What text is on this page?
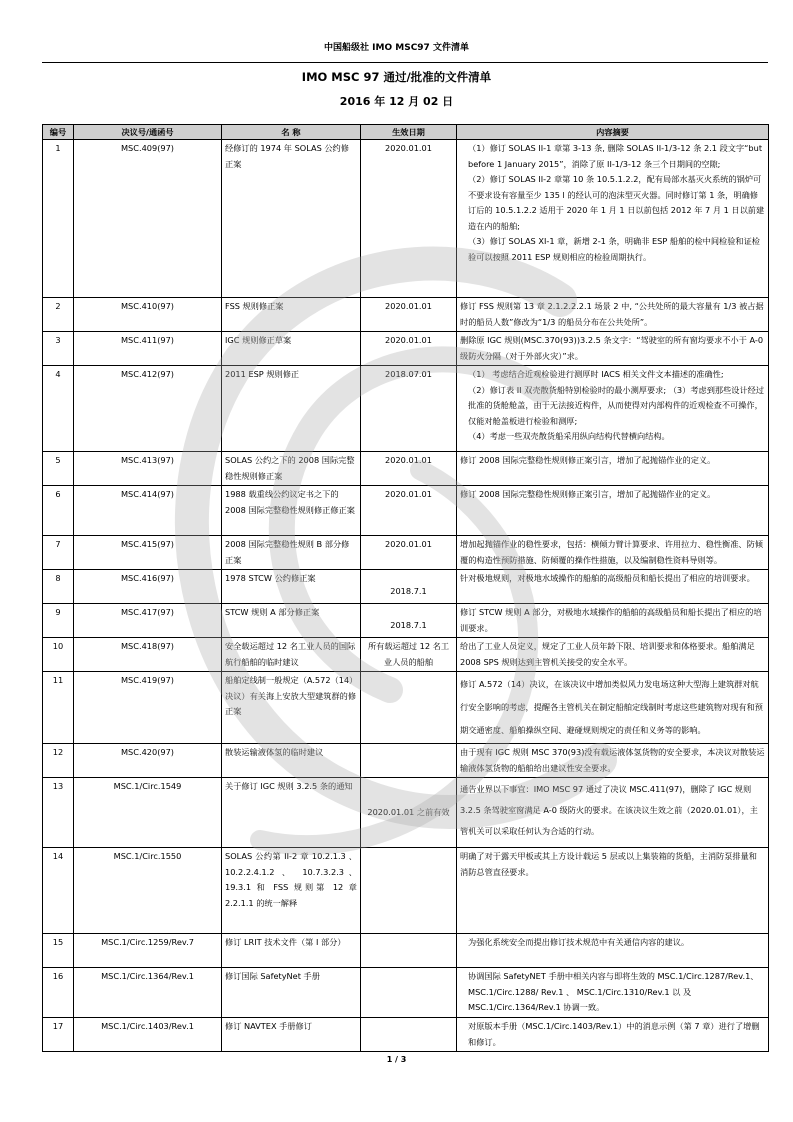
中国船级社 IMO MSC97 文件清单
IMO MSC 97 通过/批准的文件清单
2016 年 12 月 02 日
编号	决议号/通函号	名 称	生效日期	内容摘要
1	MSC.409(97)	经修订的 1974 年 SOLAS 公约修正案	2020.01.01	（1）修订 SOLAS II-1 章第 3-13 条, 删除 SOLAS II-1/3-12 条 2.1 段文字“but before 1 January 2015”，消除了原 II-1/3-12 条三个日期间的空隙;
（2）修订 SOLAS II-2 章第 10 条 10.5.1.2.2，配有局部水基灭火系统的锅炉可不要求设有容量至少 135 l 的经认可的泡沫型灭火器。同时修订第 1 条，明确修订后的 10.5.1.2.2 适用于 2020 年 1 月 1 日以前包括 2012 年 7 月 1 日以前建造在内的船舶;
（3）修订 SOLAS XI-1 章，新增 2-1 条，明确非 ESP 船舶的检中间检验和证检验可以按照 2011 ESP 规则相应的检验周期执行。

2	MSC.410(97)	FSS 规则修正案	2020.01.01	修订 FSS 规则第 13 章 2.1.2.2.2.1 场景 2 中, “公共处所的最大容量有 1/3 被占据时的船员人数”修改为“1/3 的船员分布在公共处所”。

3	MSC.411(97)	IGC 规则修正草案	2020.01.01	删除原 IGC 规则(MSC.370(93))3.2.5 条文字：“驾驶室的所有窗均要求不小于 A-0 级防火分隔（对于外部火灾）”求。

4	MSC.412(97)	2011 ESP 规则修正	2018.07.01	（1） 考虑结合近观检验进行测厚时 IACS 相关文件文本描述的准确性;
（2）修订表 II 双壳散货船特别检验时的最小测厚要求; （3）考虑到那些设计经过批准的货舱舱盖，由于无法接近构件，从而使得对内部构件的近观检查不可操作，仅能对舱盖板进行检验和测厚;
（4）考虑一些双壳散货船采用纵向结构代替横向结构。

5	MSC.413(97)	SOLAS 公约之下的 2008 国际完整稳性规则修正案	2020.01.01	修订 2008 国际完整稳性规则修正案引言，增加了起抛锚作业的定义。

6	MSC.414(97)	1988 载重线公约议定书之下的 2008 国际完整稳性规则修正修正案	2020.01.01	修订 2008 国际完整稳性规则修正案引言，增加了起抛锚作业的定义。

7	MSC.415(97)	2008 国际完整稳性规则 B 部分修正案	2020.01.01	增加起抛锚作业的稳性要求，包括：横倾力臂计算要求、许用拉力、稳性衡准、防倾覆的构造性预防措施、防倾覆的操作性措施，以及编制稳性资料导则等。

8	MSC.416(97)	1978 STCW 公约修正案	2018.7.1	针对极地规则，对极地水域操作的船舶的高级船员和船长提出了相应的培训要求。

9	MSC.417(97)	STCW 规则 A 部分修正案	2018.7.1	修订 STCW 规则 A 部分，对极地水域操作的船舶的高级船员和船长提出了相应的培训要求。

10	MSC.418(97)	安全载运超过 12 名工业人员的国际航行船舶的临时建议	所有载运超过 12 名工业人员的船舶	给出了工业人员定义，规定了工业人员年龄下限、培训要求和体格要求。船舶满足 2008 SPS 规则达到主管机关接受的安全水平。

11	MSC.419(97)	船舶定线制一般规定（A.572（14）决议）有关海上安放大型建筑群的修正案		修订 A.572（14）决议，在该决议中增加类似风力发电场这种大型海上建筑群对航行安全影响的考虑，提醒各主管机关在制定船舶定线制时考虑这些建筑物对现有和预期交通密度、船舶操纵空间、避碰规则规定的责任和义务等的影响。

12	MSC.420(97)	散装运输液体氢的临时建议		由于现有 IGC 规则 MSC 370(93)没有载运液体氢货物的安全要求，本决议对散装运输液体氢货物的船舶给出建议性安全要求。

13	MSC.1/Circ.1549	关于修订 IGC 规则 3.2.5 条的通知	2020.01.01 之前有效	通告业界以下事宜：IMO MSC 97 通过了决议 MSC.411(97)，删除了 IGC 规则 3.2.5 条驾驶室窗满足 A-0 级防火的要求。在该决议生效之前（2020.01.01），主管机关可以采取任何认为合适的行动。

14	MSC.1/Circ.1550	SOLAS 公约第 II-2 章 10.2.1.3 、 10.2.2.4.1.2 、 10.7.3.2.3、19.3.1 和 FSS 规则第 12 章 2.2.1.1 的统一解释		明确了对于露天甲板或其上方设计载运 5 层或以上集装箱的货船，主消防泵排量和消防总管直径要求。

15	MSC.1/Circ.1259/Rev.7	修订 LRIT 技术文件（第 I 部分）		为强化系统安全而提出修订技术规范中有关通信内容的建议。

16	MSC.1/Circ.1364/Rev.1	修订国际 SafetyNet 手册		协调国际 SafetyNET 手册中相关内容与即将生效的 MSC.1/Circ.1287/Rev.1、MSC.1/Circ.1288/ Rev.1 、 MSC.1/Circ.1310/Rev.1 以 及 MSC.1/Circ.1364/Rev.1 协调一致。

17	MSC.1/Circ.1403/Rev.1	修订 NAVTEX 手册修订		对原版本手册（MSC.1/Circ.1403/Rev.1）中的消息示例（第 7 章）进行了增删和修订。
1 / 3
